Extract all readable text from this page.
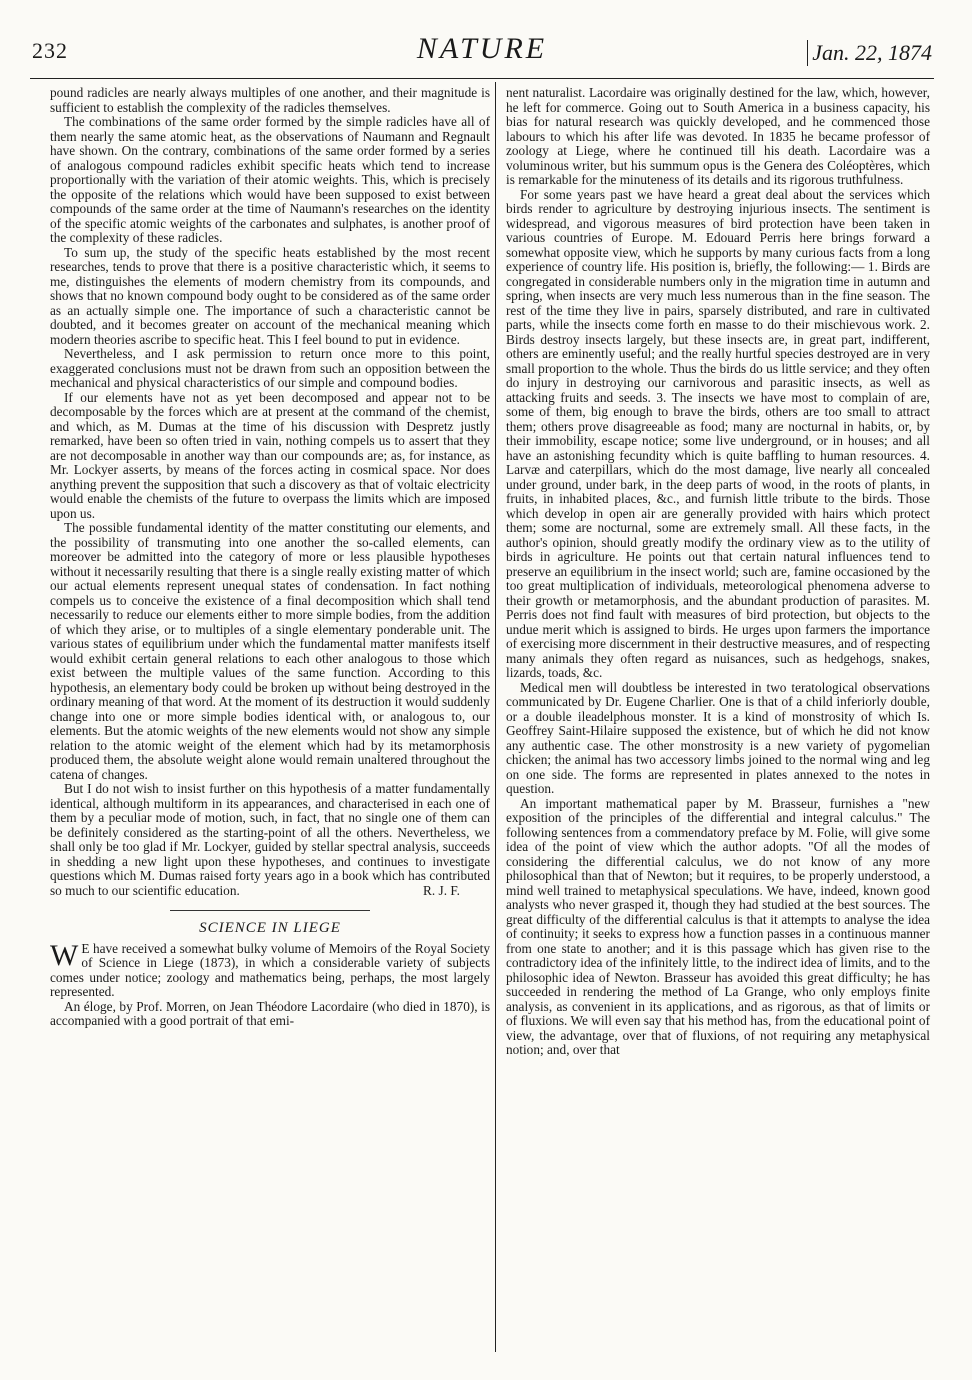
232	NATURE	Jan. 22, 1874

pound radicles are nearly always multiples of one another, and their magnitude is sufficient to establish the complexity of the radicles themselves.

The combinations of the same order formed by the simple radicles have all of them nearly the same atomic heat, as the observations of Naumann and Regnault have shown. On the contrary, combinations of the same order formed by a series of analogous compound radicles exhibit specific heats which tend to increase proportionally with the variation of their atomic weights. This, which is precisely the opposite of the relations which would have been supposed to exist between compounds of the same order at the time of Naumann's researches on the identity of the specific atomic weights of the carbonates and sulphates, is another proof of the complexity of these radicles.

To sum up, the study of the specific heats established by the most recent researches, tends to prove that there is a positive characteristic which, it seems to me, distinguishes the elements of modern chemistry from its compounds, and shows that no known compound body ought to be considered as of the same order as an actually simple one. The importance of such a characteristic cannot be doubted, and it becomes greater on account of the mechanical meaning which modern theories ascribe to specific heat. This I feel bound to put in evidence.

Nevertheless, and I ask permission to return once more to this point, exaggerated conclusions must not be drawn from such an opposition between the mechanical and physical characteristics of our simple and compound bodies.

If our elements have not as yet been decomposed and appear not to be decomposable by the forces which are at present at the command of the chemist, and which, as M. Dumas at the time of his discussion with Despretz justly remarked, have been so often tried in vain, nothing compels us to assert that they are not decomposable in another way than our compounds are; as, for instance, as Mr. Lockyer asserts, by means of the forces acting in cosmical space. Nor does anything prevent the supposition that such a discovery as that of voltaic electricity would enable the chemists of the future to overpass the limits which are imposed upon us.

The possible fundamental identity of the matter constituting our elements, and the possibility of transmuting into one another the so-called elements, can moreover be admitted into the category of more or less plausible hypotheses without it necessarily resulting that there is a single really existing matter of which our actual elements represent unequal states of condensation. In fact nothing compels us to conceive the existence of a final decomposition which shall tend necessarily to reduce our elements either to more simple bodies, from the addition of which they arise, or to multiples of a single elementary ponderable unit. The various states of equilibrium under which the fundamental matter manifests itself would exhibit certain general relations to each other analogous to those which exist between the multiple values of the same function. According to this hypothesis, an elementary body could be broken up without being destroyed in the ordinary meaning of that word. At the moment of its destruction it would suddenly change into one or more simple bodies identical with, or analogous to, our elements. But the atomic weights of the new elements would not show any simple relation to the atomic weight of the element which had by its metamorphosis produced them, the absolute weight alone would remain unaltered throughout the catena of changes.

But I do not wish to insist further on this hypothesis of a matter fundamentally identical, although multiform in its appearances, and characterised in each one of them by a peculiar mode of motion, such, in fact, that no single one of them can be definitely considered as the starting-point of all the others. Nevertheless, we shall only be too glad if Mr. Lockyer, guided by stellar spectral analysis, succeeds in shedding a new light upon these hypotheses, and continues to investigate questions which M. Dumas raised forty years ago in a book which has contributed so much to our scientific education.	R. J. F.

SCIENCE IN LIEGE

W E have received a somewhat bulky volume of Memoirs of the Royal Society of Science in Liege (1873), in which a considerable variety of subjects comes under notice; zoology and mathematics being, perhaps, the most largely represented.

An éloge, by Prof. Morren, on Jean Théodore Lacordaire (who died in 1870), is accompanied with a good portrait of that emi-

nent naturalist. Lacordaire was originally destined for the law, which, however, he left for commerce. Going out to South America in a business capacity, his bias for natural research was quickly developed, and he commenced those labours to which his after life was devoted. In 1835 he became professor of zoology at Liege, where he continued till his death. Lacordaire was a voluminous writer, but his summum opus is the Genera des Coléoptères, which is remarkable for the minuteness of its details and its rigorous truthfulness.

For some years past we have heard a great deal about the services which birds render to agriculture by destroying injurious insects. The sentiment is widespread, and vigorous measures of bird protection have been taken in various countries of Europe. M. Edouard Perris here brings forward a somewhat opposite view, which he supports by many curious facts from a long experience of country life. His position is, briefly, the following:— 1. Birds are congregated in considerable numbers only in the migration time in autumn and spring, when insects are very much less numerous than in the fine season. The rest of the time they live in pairs, sparsely distributed, and rare in cultivated parts, while the insects come forth en masse to do their mischievous work. 2. Birds destroy insects largely, but these insects are, in great part, indifferent, others are eminently useful; and the really hurtful species destroyed are in very small proportion to the whole. Thus the birds do us little service; and they often do injury in destroying our carnivorous and parasitic insects, as well as attacking fruits and seeds. 3. The insects we have most to complain of are, some of them, big enough to brave the birds, others are too small to attract them; others prove disagreeable as food; many are nocturnal in habits, or, by their immobility, escape notice; some live underground, or in houses; and all have an astonishing fecundity which is quite baffling to human resources. 4. Larvæ and caterpillars, which do the most damage, live nearly all concealed under ground, under bark, in the deep parts of wood, in the roots of plants, in fruits, in inhabited places, &c., and furnish little tribute to the birds. Those which develop in open air are generally provided with hairs which protect them; some are nocturnal, some are extremely small. All these facts, in the author's opinion, should greatly modify the ordinary view as to the utility of birds in agriculture. He points out that certain natural influences tend to preserve an equilibrium in the insect world; such are, famine occasioned by the too great multiplication of individuals, meteorological phenomena adverse to their growth or metamorphosis, and the abundant production of parasites. M. Perris does not find fault with measures of bird protection, but objects to the undue merit which is assigned to birds. He urges upon farmers the importance of exercising more discernment in their destructive measures, and of respecting many animals they often regard as nuisances, such as hedgehogs, snakes, lizards, toads, &c.

Medical men will doubtless be interested in two teratological observations communicated by Dr. Eugene Charlier. One is that of a child inferiorly double, or a double ileadelphous monster. It is a kind of monstrosity of which Is. Geoffrey Saint-Hilaire supposed the existence, but of which he did not know any authentic case. The other monstrosity is a new variety of pygomelian chicken; the animal has two accessory limbs joined to the normal wing and leg on one side. The forms are represented in plates annexed to the notes in question.

An important mathematical paper by M. Brasseur, furnishes a "new exposition of the principles of the differential and integral calculus." The following sentences from a commendatory preface by M. Folie, will give some idea of the point of view which the author adopts. "Of all the modes of considering the differential calculus, we do not know of any more philosophical than that of Newton; but it requires, to be properly understood, a mind well trained to metaphysical speculations. We have, indeed, known good analysts who never grasped it, though they had studied at the best sources. The great difficulty of the differential calculus is that it attempts to analyse the idea of continuity; it seeks to express how a function passes in a continuous manner from one state to another; and it is this passage which has given rise to the contradictory idea of the infinitely little, to the indirect idea of limits, and to the philosophic idea of Newton. Brasseur has avoided this great difficulty; he has succeeded in rendering the method of La Grange, who only employs finite analysis, as convenient in its applications, and as rigorous, as that of limits or of fluxions. We will even say that his method has, from the educational point of view, the advantage, over that of fluxions, of not requiring any metaphysical notion; and, over that
